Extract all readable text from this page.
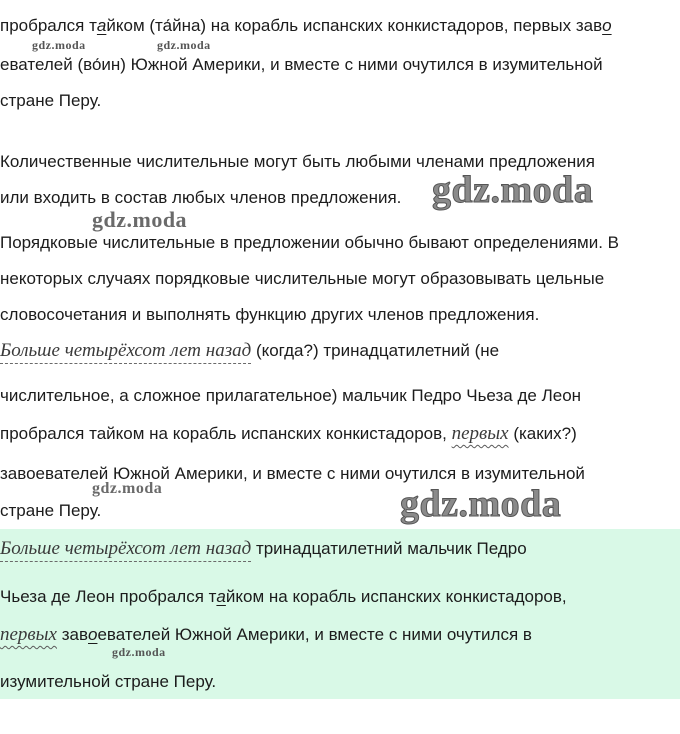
пробрался тайком (та́йна) на корабль испанских конкистадоров, первых заво
евателей (во́ин) Южной Америки, и вместе с ними очутился в изумительной
стране Перу.
Количественные числительные могут быть любыми членами предложения
или входить в состав любых членов предложения.
Порядковые числительные в предложении обычно бывают определениями. В
некоторых случаях порядковые числительные могут образовывать цельные
словосочетания и выполнять функцию других членов предложения.
Больше четырёхсот лет назад (когда?) тринадцатилетний (не
числительное, а сложное прилагательное) мальчик Педро Чьеза де Леон
пробрался тайком на корабль испанских конкистадоров, первых (каких?)
завоевателей Южной Америки, и вместе с ними очутился в изумительной
стране Перу.
Больше четырёхсот лет назад тринадцатилетний мальчик Педро
Чьеза де Леон пробрался тайком на корабль испанских конкистадоров,
первых завоевателей Южной Америки, и вместе с ними очутился в
изумительной стране Перу.
gdz.moda	gdz.moda
gdz.moda
gdz.moda
gdz.moda	gdz.moda
gdz.moda
